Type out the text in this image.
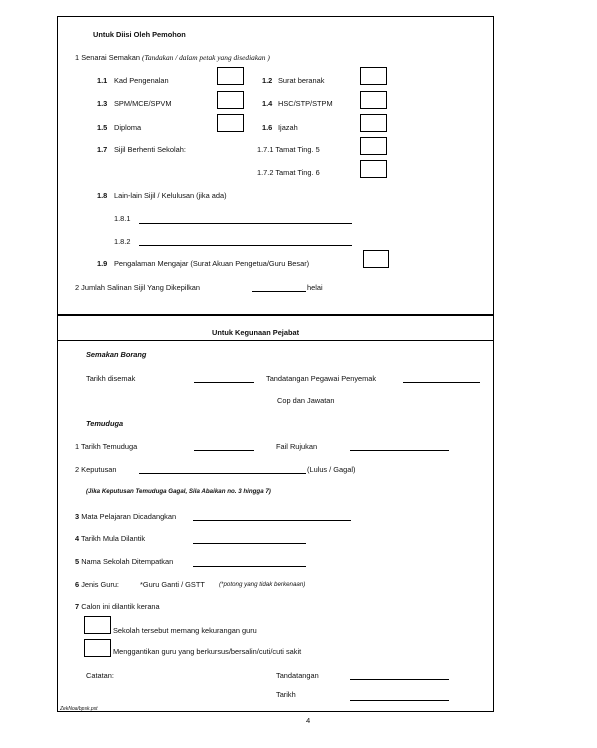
Untuk Diisi Oleh Pemohon
1 Senarai Semakan (Tandakan / dalam petak yang disediakan )
1.1 Kad Pengenalan	1.2 Surat beranak
1.3 SPM/MCE/SPVM	1.4 HSC/STP/STPM
1.5 Diploma	1.6 Ijazah
1.7 Sijil Berhenti Sekolah:	1.7.1 Tamat Ting. 5
1.7.2 Tamat Ting. 6
1.8 Lain-lain Sijil / Kelulusan (jika ada)
1.8.1
1.8.2
1.9 Pengalaman Mengajar (Surat Akuan Pengetua/Guru Besar)
2 Jumlah Salinan Sijil Yang Dikepilkan	helai
Untuk Kegunaan Pejabat
Semakan Borang
Tarikh disemak	Tandatangan Pegawai Penyemak
Cop dan Jawatan
Temuduga
1 Tarikh Temuduga	Fail Rujukan
2 Keputusan	(Lulus / Gagal)
(Jika Keputusan Temuduga Gagal, Sila Abaikan no. 3 hingga 7)
3 Mata Pelajaran Dicadangkan
4 Tarikh Mula Dilantik
5 Nama Sekolah Ditempatkan
6 Jenis Guru:	*Guru Ganti / GSTT (*potong yang tidak berkenaan)
7 Calon ini dilantik kerana
Sekolah tersebut memang kekurangan guru
Menggantikan guru yang berkursus/bersalin/cuti/cuti sakit
Catatan:	Tandatangan
Tarikh
ZekNoa/bpsk.pst
4
